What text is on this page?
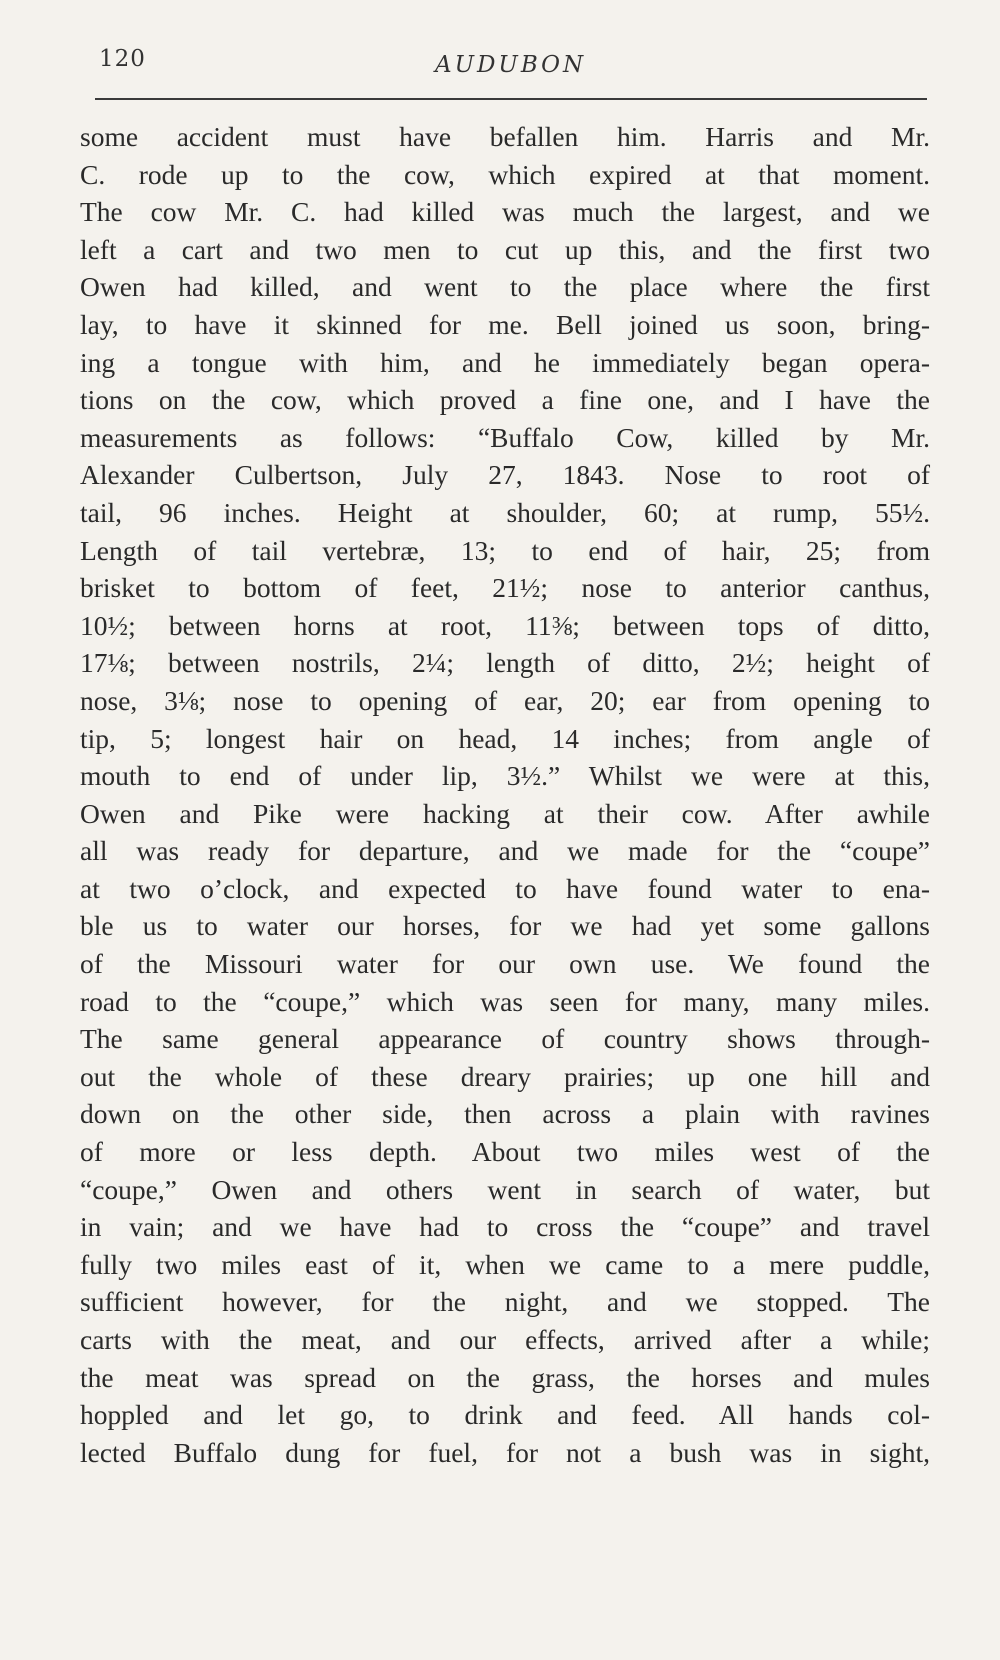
120	AUDUBON
some accident must have befallen him. Harris and Mr.
C. rode up to the cow, which expired at that moment.
The cow Mr. C. had killed was much the largest, and we
left a cart and two men to cut up this, and the first two
Owen had killed, and went to the place where the first
lay, to have it skinned for me. Bell joined us soon, bring-
ing a tongue with him, and he immediately began opera-
tions on the cow, which proved a fine one, and I have the
measurements as follows: “Buffalo Cow, killed by Mr.
Alexander Culbertson, July 27, 1843. Nose to root of
tail, 96 inches. Height at shoulder, 60; at rump, 55½.
Length of tail vertebræ, 13; to end of hair, 25; from
brisket to bottom of feet, 21½; nose to anterior canthus,
10½; between horns at root, 11⅜; between tops of ditto,
17⅛; between nostrils, 2¼; length of ditto, 2½; height of
nose, 3⅛; nose to opening of ear, 20; ear from opening to
tip, 5; longest hair on head, 14 inches; from angle of
mouth to end of under lip, 3½.” Whilst we were at this,
Owen and Pike were hacking at their cow. After awhile
all was ready for departure, and we made for the “coupe”
at two o’clock, and expected to have found water to ena-
ble us to water our horses, for we had yet some gallons
of the Missouri water for our own use. We found the
road to the “coupe,” which was seen for many, many miles.
The same general appearance of country shows through-
out the whole of these dreary prairies; up one hill and
down on the other side, then across a plain with ravines
of more or less depth. About two miles west of the
“coupe,” Owen and others went in search of water, but
in vain; and we have had to cross the “coupe” and travel
fully two miles east of it, when we came to a mere puddle,
sufficient however, for the night, and we stopped. The
carts with the meat, and our effects, arrived after a while;
the meat was spread on the grass, the horses and mules
hoppled and let go, to drink and feed. All hands col-
lected Buffalo dung for fuel, for not a bush was in sight,
